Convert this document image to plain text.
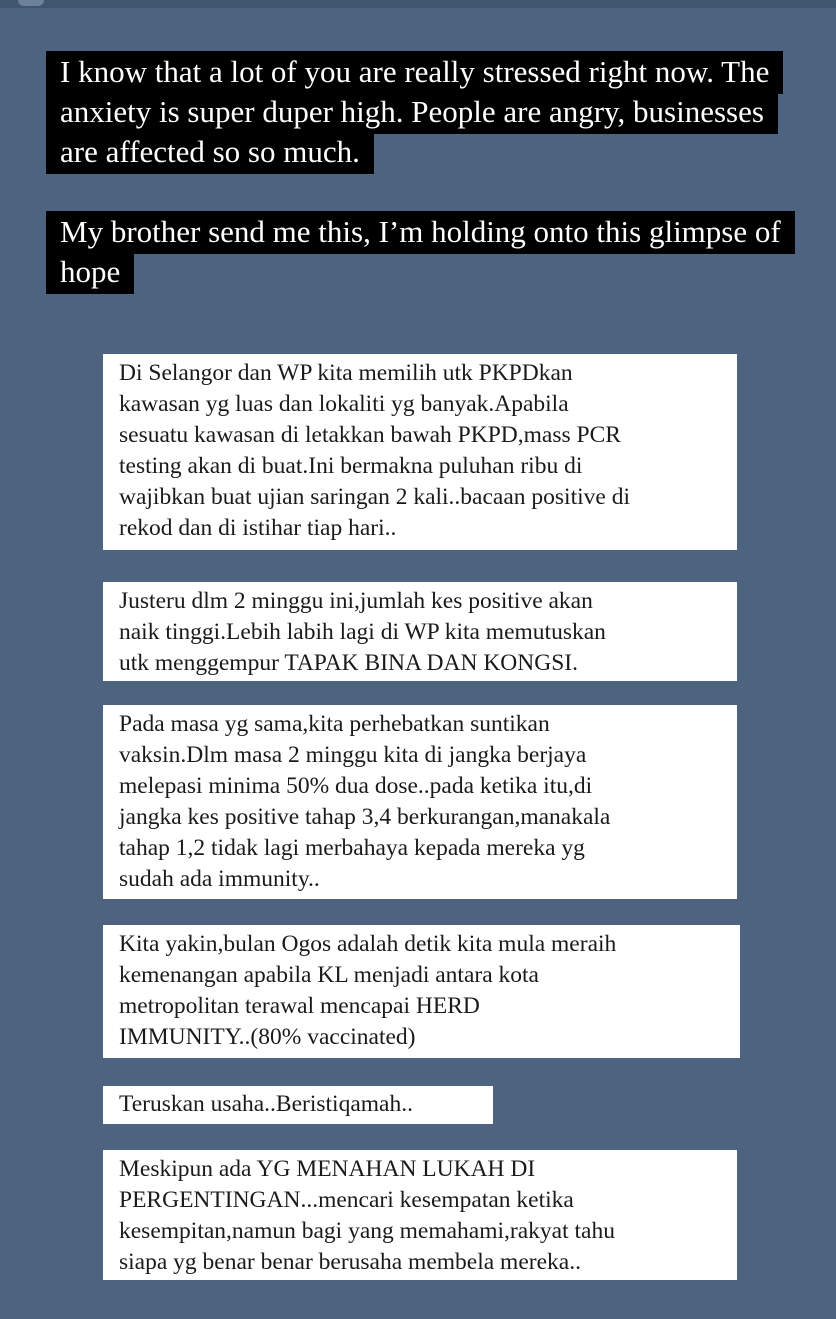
I know that a lot of you are really stressed right now. The anxiety is super duper high. People are angry, businesses are affected so so much.
My brother send me this, I’m holding onto this glimpse of hope
Di Selangor dan WP kita memilih utk PKPDkan
kawasan yg luas dan lokaliti yg banyak.Apabila
sesuatu kawasan di letakkan bawah PKPD,mass PCR
testing akan di buat.Ini bermakna puluhan ribu di
wajibkan buat ujian saringan 2 kali..bacaan positive di
rekod dan di istihar tiap hari..
Justeru dlm 2 minggu ini,jumlah kes positive akan
naik tinggi.Lebih labih lagi di WP kita memutuskan
utk menggempur TAPAK BINA DAN KONGSI.
Pada masa yg sama,kita perhebatkan suntikan
vaksin.Dlm masa 2 minggu kita di jangka berjaya
melepasi minima 50% dua dose..pada ketika itu,di
jangka kes positive tahap 3,4 berkurangan,manakala
tahap 1,2 tidak lagi merbahaya kepada mereka yg
sudah ada immunity..
Kita yakin,bulan Ogos adalah detik kita mula meraih
kemenangan apabila KL menjadi antara kota
metropolitan terawal mencapai HERD
IMMUNITY..(80% vaccinated)
Teruskan usaha..Beristiqamah..
Meskipun ada YG MENAHAN LUKAH DI
PERGENTINGAN...mencari kesempatan ketika
kesempitan,namun bagi yang memahami,rakyat tahu
siapa yg benar benar berusaha membela mereka..
